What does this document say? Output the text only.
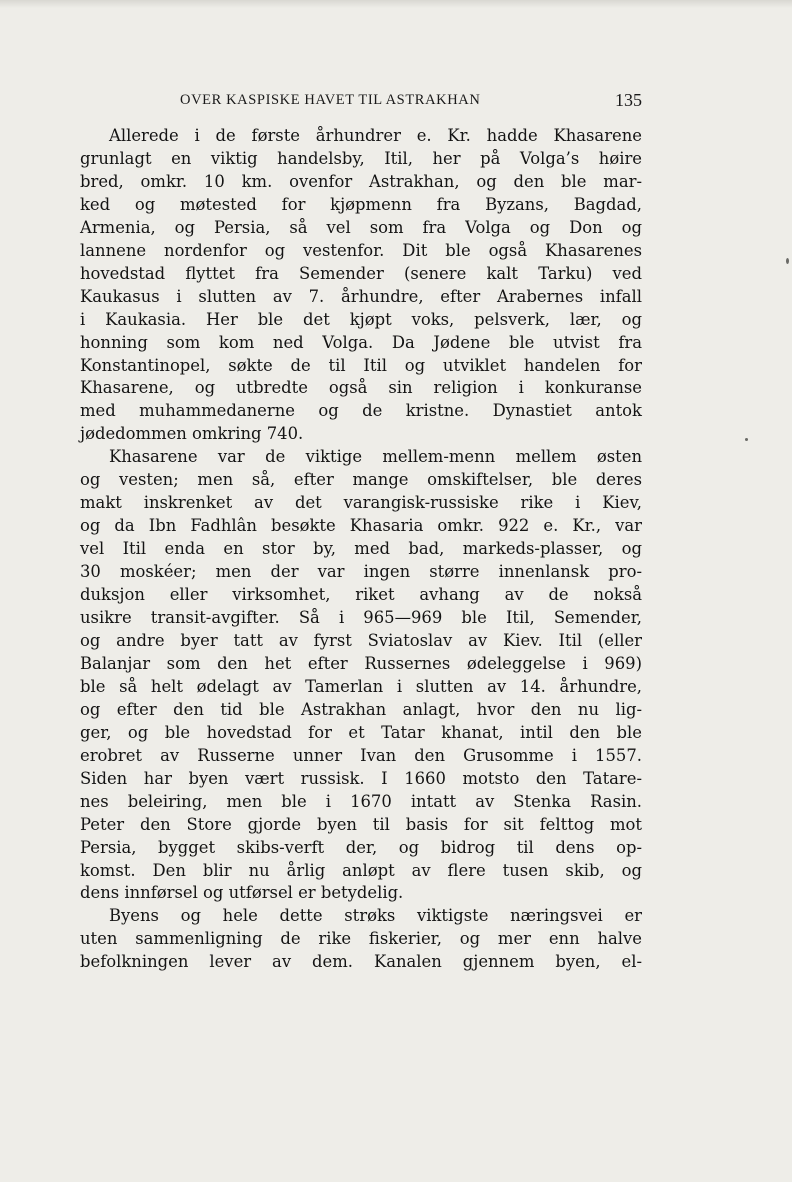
OVER KASPISKE HAVET TIL ASTRAKHAN	135

Allerede i de første århundrer e. Kr. hadde Khasarene
grunlagt en viktig handelsby, Itil, her på Volga’s høire
bred, omkr. 10 km. ovenfor Astrakhan, og den ble mar-
ked og møtested for kjøpmenn fra Byzans, Bagdad,
Armenia, og Persia, så vel som fra Volga og Don og
lannene nordenfor og vestenfor. Dit ble også Khasarenes
hovedstad flyttet fra Semender (senere kalt Tarku) ved
Kaukasus i slutten av 7. århundre, efter Arabernes infall
i Kaukasia. Her ble det kjøpt voks, pelsverk, lær, og
honning som kom ned Volga. Da Jødene ble utvist fra
Konstantinopel, søkte de til Itil og utviklet handelen for
Khasarene, og utbredte også sin religion i konkuranse
med muhammedanerne og de kristne. Dynastiet antok
jødedommen omkring 740.

Khasarene var de viktige mellem-menn mellem østen
og vesten; men så, efter mange omskiftelser, ble deres
makt inskrenket av det varangisk-russiske rike i Kiev,
og da Ibn Fadhlân besøkte Khasaria omkr. 922 e. Kr., var
vel Itil enda en stor by, med bad, markeds-plasser, og
30 moskéer; men der var ingen større innenlansk pro-
duksjon eller virksomhet, riket avhang av de nokså
usikre transit-avgifter. Så i 965—969 ble Itil, Semender,
og andre byer tatt av fyrst Sviatoslav av Kiev. Itil (eller
Balanjar som den het efter Russernes ødeleggelse i 969)
ble så helt ødelagt av Tamerlan i slutten av 14. århundre,
og efter den tid ble Astrakhan anlagt, hvor den nu lig-
ger, og ble hovedstad for et Tatar khanat, intil den ble
erobret av Russerne unner Ivan den Grusomme i 1557.
Siden har byen vært russisk. I 1660 motsto den Tatare-
nes beleiring, men ble i 1670 intatt av Stenka Rasin.
Peter den Store gjorde byen til basis for sit felttog mot
Persia, bygget skibs-verft der, og bidrog til dens op-
komst. Den blir nu årlig anløpt av flere tusen skib, og
dens innførsel og utførsel er betydelig.

Byens og hele dette strøks viktigste næringsvei er
uten sammenligning de rike fiskerier, og mer enn halve
befolkningen lever av dem. Kanalen gjennem byen, el-
